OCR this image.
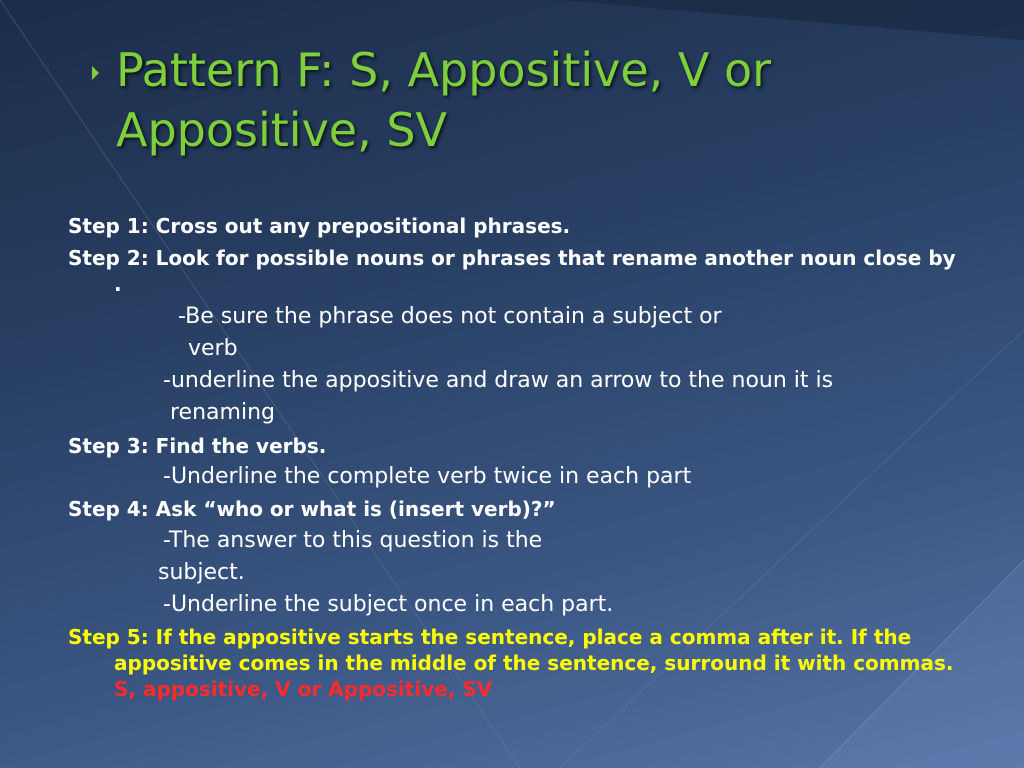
Pattern F: S, Appositive, V or
Appositive, SV

Step 1: Cross out any prepositional phrases.

Step 2: Look for possible nouns or phrases that rename another noun close by .

-Be sure the phrase does not contain a subject or

verb

-underline the appositive and draw an arrow to the noun it is

renaming

Step 3: Find the verbs.

-Underline the complete verb twice in each part

Step 4: Ask “who or what is (insert verb)?”

-The answer to this question is the

subject.

-Underline the subject once in each part.

Step 5: If the appositive starts the sentence, place a comma after it. If the appositive comes in the middle of the sentence, surround it with commas. S, appositive, V or Appositive, SV
